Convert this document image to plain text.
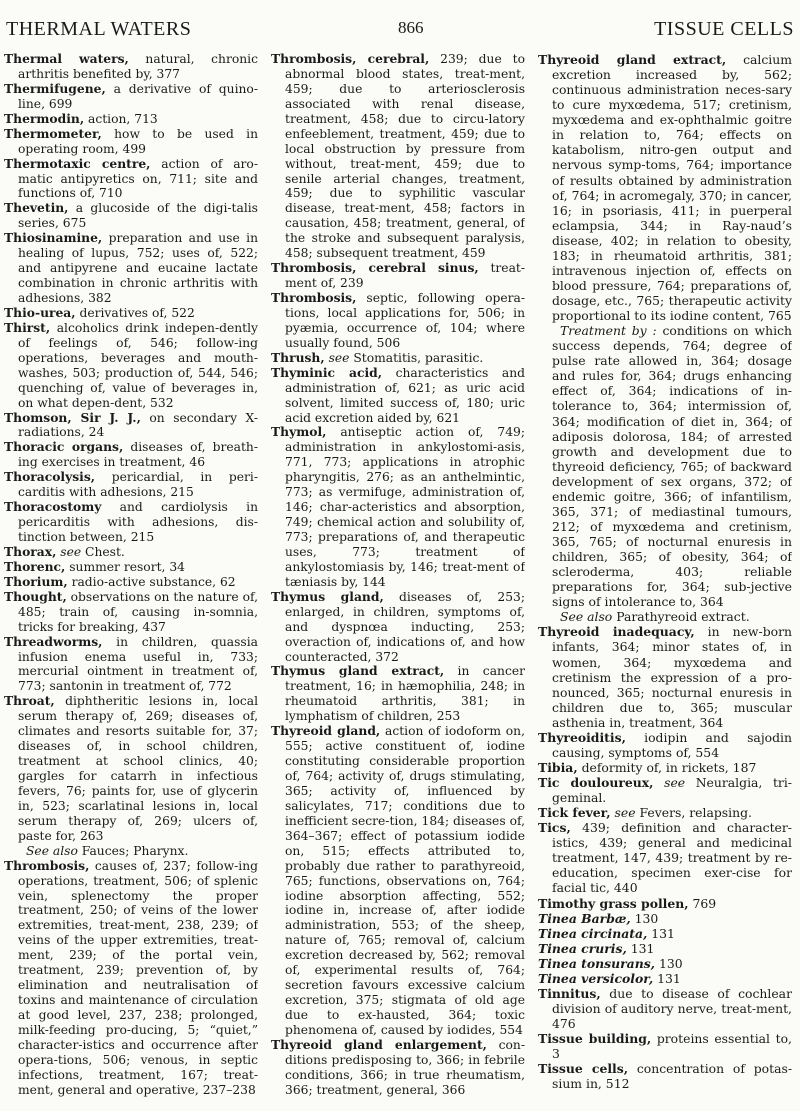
THERMAL WATERS	866	TISSUE CELLS

Thermal waters, natural, chronic arthritis benefited by, 377

Thermifugene, a derivative of quino-line, 699

Thermodin, action, 713

Thermometer, how to be used in operating room, 499

Thermotaxic centre, action of aro-matic antipyretics on, 711; site and functions of, 710

Thevetin, a glucoside of the digi-talis series, 675

Thiosinamine, preparation and use in healing of lupus, 752; uses of, 522; and antipyrene and eucaine lactate combination in chronic arthritis with adhesions, 382

Thio-urea, derivatives of, 522

Thirst, alcoholics drink indepen-dently of feelings of, 546; follow-ing operations, beverages and mouth-washes, 503; production of, 544, 546; quenching of, value of beverages in, on what depen-dent, 532

Thomson, Sir J. J., on secondary X-radiations, 24

Thoracic organs, diseases of, breath-ing exercises in treatment, 46

Thoracolysis, pericardial, in peri-carditis with adhesions, 215

Thoracostomy and cardiolysis in pericarditis with adhesions, dis-tinction between, 215

Thorax, see Chest.

Thorenc, summer resort, 34

Thorium, radio-active substance, 62

Thought, observations on the nature of, 485; train of, causing in-somnia, tricks for breaking, 437

Threadworms, in children, quassia infusion enema useful in, 733; mercurial ointment in treatment of, 773; santonin in treatment of, 772

Throat, diphtheritic lesions in, local serum therapy of, 269; diseases of, climates and resorts suitable for, 37; diseases of, in school children, treatment at school clinics, 40; gargles for catarrh in infectious fevers, 76; paints for, use of glycerin in, 523; scarlatinal lesions in, local serum therapy of, 269; ulcers of, paste for, 263

See also Fauces; Pharynx.

Thrombosis, causes of, 237; follow-ing operations, treatment, 506; of splenic vein, splenectomy the proper treatment, 250; of veins of the lower extremities, treat-ment, 238, 239; of veins of the upper extremities, treat-ment, 239; of the portal vein, treatment, 239; prevention of, by elimination and neutralisation of toxins and maintenance of circulation at good level, 237, 238; prolonged, milk-feeding pro-ducing, 5; “quiet,” character-istics and occurrence after opera-tions, 506; venous, in septic infections, treatment, 167; treat-ment, general and operative, 237–238

Thrombosis, cerebral, 239; due to abnormal blood states, treat-ment, 459; due to arteriosclerosis associated with renal disease, treatment, 458; due to circu-latory enfeeblement, treatment, 459; due to local obstruction by pressure from without, treat-ment, 459; due to senile arterial changes, treatment, 459; due to syphilitic vascular disease, treat-ment, 458; factors in causation, 458; treatment, general, of the stroke and subsequent paralysis, 458; subsequent treatment, 459

Thrombosis, cerebral sinus, treat-ment of, 239

Thrombosis, septic, following opera-tions, local applications for, 506; in pyæmia, occurrence of, 104; where usually found, 506

Thrush, see Stomatitis, parasitic.

Thyminic acid, characteristics and administration of, 621; as uric acid solvent, limited success of, 180; uric acid excretion aided by, 621

Thymol, antiseptic action of, 749; administration in ankylostomi-asis, 771, 773; applications in atrophic pharyngitis, 276; as an anthelmintic, 773; as vermifuge, administration of, 146; char-acteristics and absorption, 749; chemical action and solubility of, 773; preparations of, and therapeutic uses, 773; treatment of ankylostomiasis by, 146; treat-ment of tæniasis by, 144

Thymus gland, diseases of, 253; enlarged, in children, symptoms of, and dyspnœa inducting, 253; overaction of, indications of, and how counteracted, 372

Thymus gland extract, in cancer treatment, 16; in hæmophilia, 248; in rheumatoid arthritis, 381; in lymphatism of children, 253

Thyreoid gland, action of iodoform on, 555; active constituent of, iodine constituting considerable proportion of, 764; activity of, drugs stimulating, 365; activity of, influenced by salicylates, 717; conditions due to inefficient secre-tion, 184; diseases of, 364–367; effect of potassium iodide on, 515; effects attributed to, probably due rather to parathyreoid, 765; functions, observations on, 764; iodine absorption affecting, 552; iodine in, increase of, after iodide administration, 553; of the sheep, nature of, 765; removal of, calcium excretion decreased by, 562; removal of, experimental results of, 764; secretion favours excessive calcium excretion, 375; stigmata of old age due to ex-hausted, 364; toxic phenomena of, caused by iodides, 554

Thyreoid gland enlargement, con-ditions predisposing to, 366; in febrile conditions, 366; in true rheumatism, 366; treatment, general, 366

Thyreoid gland extract, calcium excretion increased by, 562; continuous administration neces-sary to cure myxœdema, 517; cretinism, myxœdema and ex-ophthalmic goitre in relation to, 764; effects on katabolism, nitro-gen output and nervous symp-toms, 764; importance of results obtained by administration of, 764; in acromegaly, 370; in cancer, 16; in psoriasis, 411; in puerperal eclampsia, 344; in Ray-naud’s disease, 402; in relation to obesity, 183; in rheumatoid arthritis, 381; intravenous injection of, effects on blood pressure, 764; preparations of, dosage, etc., 765; therapeutic activity proportional to its iodine content, 765

Treatment by : conditions on which success depends, 764; degree of pulse rate allowed in, 364; dosage and rules for, 364; drugs enhancing effect of, 364; indications of in-tolerance to, 364; intermission of, 364; modification of diet in, 364; of adiposis dolorosa, 184; of arrested growth and development due to thyreoid deficiency, 765; of backward development of sex organs, 372; of endemic goitre, 366; of infantilism, 365, 371; of mediastinal tumours, 212; of myxœdema and cretinism, 365, 765; of nocturnal enuresis in children, 365; of obesity, 364; of scleroderma, 403; reliable preparations for, 364; sub-jective signs of intolerance to, 364

See also Parathyreoid extract.

Thyreoid inadequacy, in new-born infants, 364; minor states of, in women, 364; myxœdema and cretinism the expression of a pro-nounced, 365; nocturnal enuresis in children due to, 365; muscular asthenia in, treatment, 364

Thyreoiditis, iodipin and sajodin causing, symptoms of, 554

Tibia, deformity of, in rickets, 187

Tic douloureux, see Neuralgia, tri-geminal.

Tick fever, see Fevers, relapsing.

Tics, 439; definition and character-istics, 439; general and medicinal treatment, 147, 439; treatment by re-education, specimen exer-cise for facial tic, 440

Timothy grass pollen, 769

Tinea Barbæ, 130

Tinea circinata, 131

Tinea cruris, 131

Tinea tonsurans, 130

Tinea versicolor, 131

Tinnitus, due to disease of cochlear division of auditory nerve, treat-ment, 476

Tissue building, proteins essential to, 3

Tissue cells, concentration of potas-sium in, 512
